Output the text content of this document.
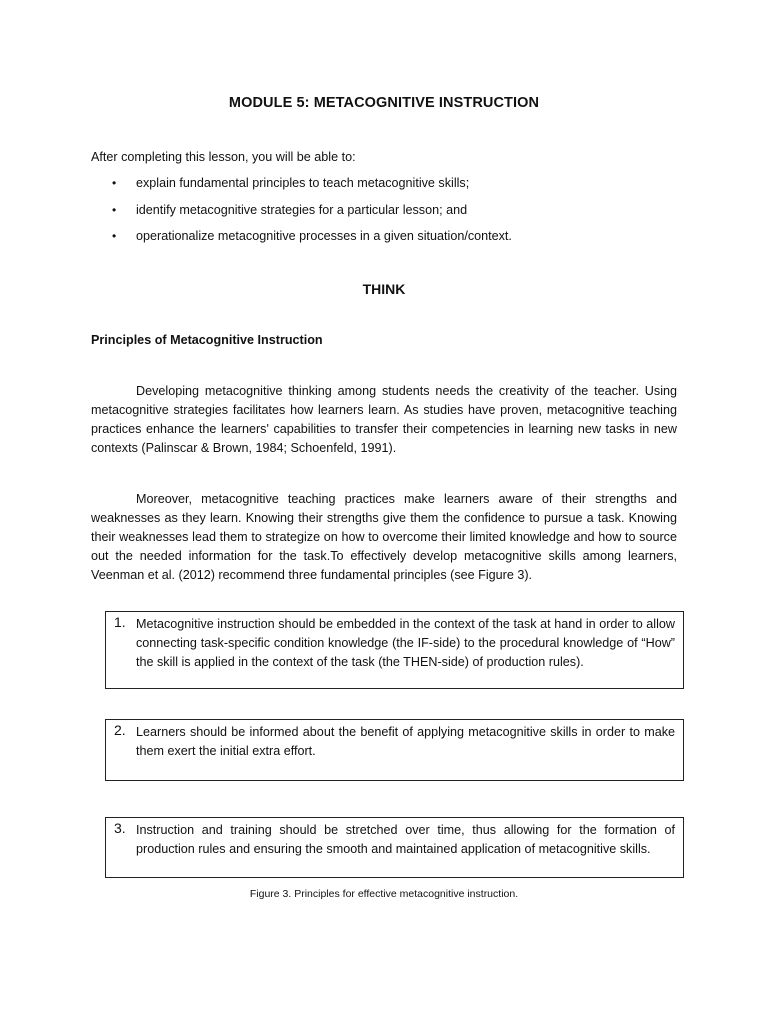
MODULE 5: METACOGNITIVE INSTRUCTION
After completing this lesson, you will be able to:
• explain fundamental principles to teach metacognitive skills;
• identify metacognitive strategies for a particular lesson; and
• operationalize metacognitive processes in a given situation/context.
THINK
Principles of Metacognitive Instruction
Developing metacognitive thinking among students needs the creativity of the teacher. Using metacognitive strategies facilitates how learners learn. As studies have proven, metacognitive teaching practices enhance the learners' capabilities to transfer their competencies in learning new tasks in new contexts (Palinscar & Brown, 1984; Schoenfeld, 1991).
Moreover, metacognitive teaching practices make learners aware of their strengths and weaknesses as they learn. Knowing their strengths give them the confidence to pursue a task. Knowing their weaknesses lead them to strategize on how to overcome their limited knowledge and how to source out the needed information for the task.To effectively develop metacognitive skills among learners, Veenman et al. (2012) recommend three fundamental principles (see Figure 3).
1. Metacognitive instruction should be embedded in the context of the task at hand in order to allow connecting task-specific condition knowledge (the IF-side) to the procedural knowledge of “How” the skill is applied in the context of the task (the THEN-side) of production rules).
2. Learners should be informed about the benefit of applying metacognitive skills in order to make them exert the initial extra effort.
3. Instruction and training should be stretched over time, thus allowing for the formation of production rules and ensuring the smooth and maintained application of metacognitive skills.
Figure 3. Principles for effective metacognitive instruction.
